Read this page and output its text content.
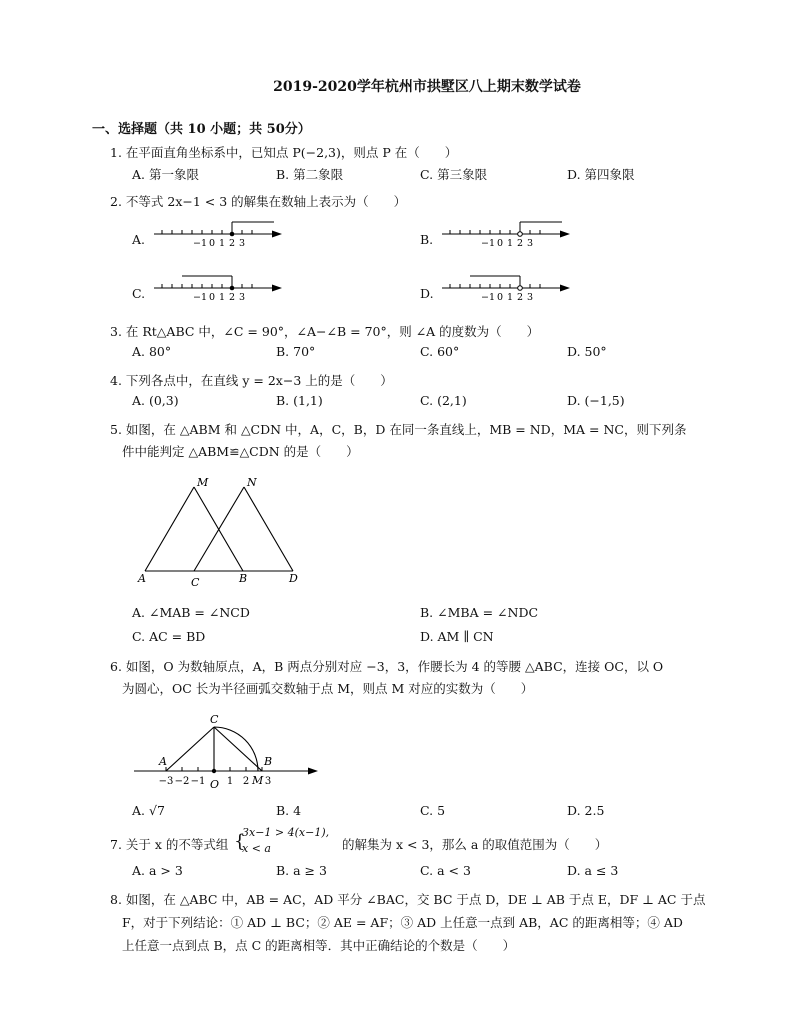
2019-2020学年杭州市拱墅区八上期末数学试卷
一、选择题（共 10 小题；共 50分）
1. 在平面直角坐标系中，已知点 P(−2,3)，则点 P 在（　　）
A. 第一象限	B. 第二象限	C. 第三象限	D. 第四象限
2. 不等式 2x−1 < 3 的解集在数轴上表示为（　　）
A.	B.
C.	D.
−1 0 1 2 3	−1 0 1 2 3
−1 0 1 2 3	−1 0 1 2 3
3. 在 Rt△ABC 中，∠C = 90°，∠A−∠B = 70°，则 ∠A 的度数为（　　）
A. 80°	B. 70°	C. 60°	D. 50°
4. 下列各点中，在直线 y = 2x−3 上的是（　　）
A. (0,3)	B. (1,1)	C. (2,1)	D. (−1,5)
5. 如图，在 △ABM 和 △CDN 中，A，C，B，D 在同一条直线上，MB = ND，MA = NC，则下列条
件中能判定 △ABM≌△CDN 的是（　　）
M	N
A	C	B	D
A. ∠MAB = ∠NCD	B. ∠MBA = ∠NDC
C. AC = BD	D. AM ∥ CN
6. 如图，O 为数轴原点，A，B 两点分别对应 −3，3，作腰长为 4 的等腰 △ABC，连接 OC，以 O
为圆心，OC 长为半径画弧交数轴于点 M，则点 M 对应的实数为（　　）
−3 −2 −1 1 2 3
C
A	B
O	M
A. √7	B. 4	C. 5	D. 2.5
7. 关于 x 的不等式组 {
3x−1 > 4(x−1),
x < a	的解集为 x < 3，那么 a 的取值范围为（　　）
A. a > 3	B. a ≥ 3	C. a < 3	D. a ≤ 3
8. 如图，在 △ABC 中，AB = AC，AD 平分 ∠BAC，交 BC 于点 D，DE ⊥ AB 于点 E，DF ⊥ AC 于点
F，对于下列结论：① AD ⊥ BC；② AE = AF；③ AD 上任意一点到 AB，AC 的距离相等；④ AD
上任意一点到点 B，点 C 的距离相等．其中正确结论的个数是（　　）
